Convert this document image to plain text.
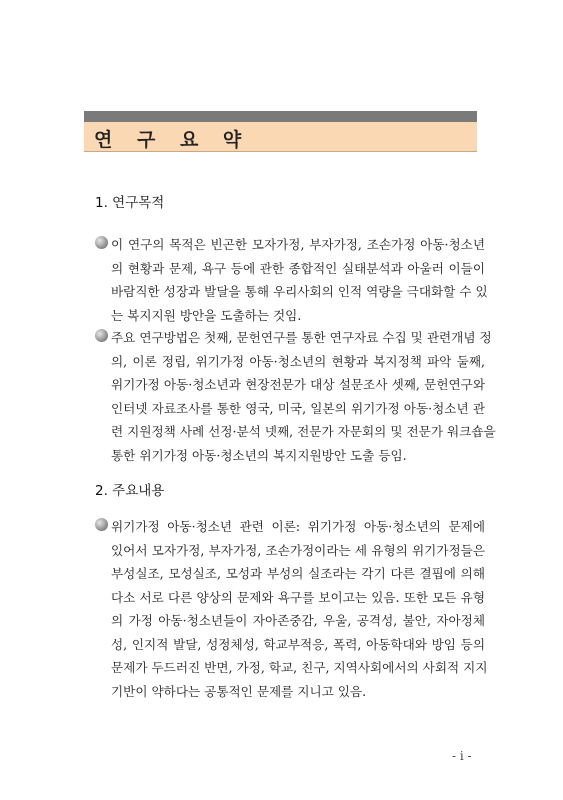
연 구 요 약
1. 연구목적
이 연구의 목적은 빈곤한 모자가정, 부자가정, 조손가정 아동·청소년
의 현황과 문제, 욕구 등에 관한 종합적인 실태분석과 아울러 이들이
바람직한 성장과 발달을 통해 우리사회의 인적 역량을 극대화할 수 있
는 복지지원 방안을 도출하는 것임.
주요 연구방법은 첫째, 문헌연구를 통한 연구자료 수집 및 관련개념 정
의, 이론 정립, 위기가정 아동·청소년의 현황과 복지정책 파악 둘째,
위기가정 아동·청소년과 현장전문가 대상 설문조사 셋째, 문헌연구와
인터넷 자료조사를 통한 영국, 미국, 일본의 위기가정 아동·청소년 관
련 지원정책 사례 선정·분석 넷째, 전문가 자문회의 및 전문가 워크숍을
통한 위기가정 아동·청소년의 복지지원방안 도출 등임.
2. 주요내용
위기가정 아동·청소년 관련 이론: 위기가정 아동·청소년의 문제에
있어서 모자가정, 부자가정, 조손가정이라는 세 유형의 위기가정들은
부성실조, 모성실조, 모성과 부성의 실조라는 각기 다른 결핍에 의해
다소 서로 다른 양상의 문제와 욕구를 보이고는 있음. 또한 모든 유형
의 가정 아동·청소년들이 자아존중감, 우울, 공격성, 불안, 자아정체
성, 인지적 발달, 성정체성, 학교부적응, 폭력, 아동학대와 방임 등의
문제가 두드러진 반면, 가정, 학교, 친구, 지역사회에서의 사회적 지지
기반이 약하다는 공통적인 문제를 지니고 있음.
- i -
